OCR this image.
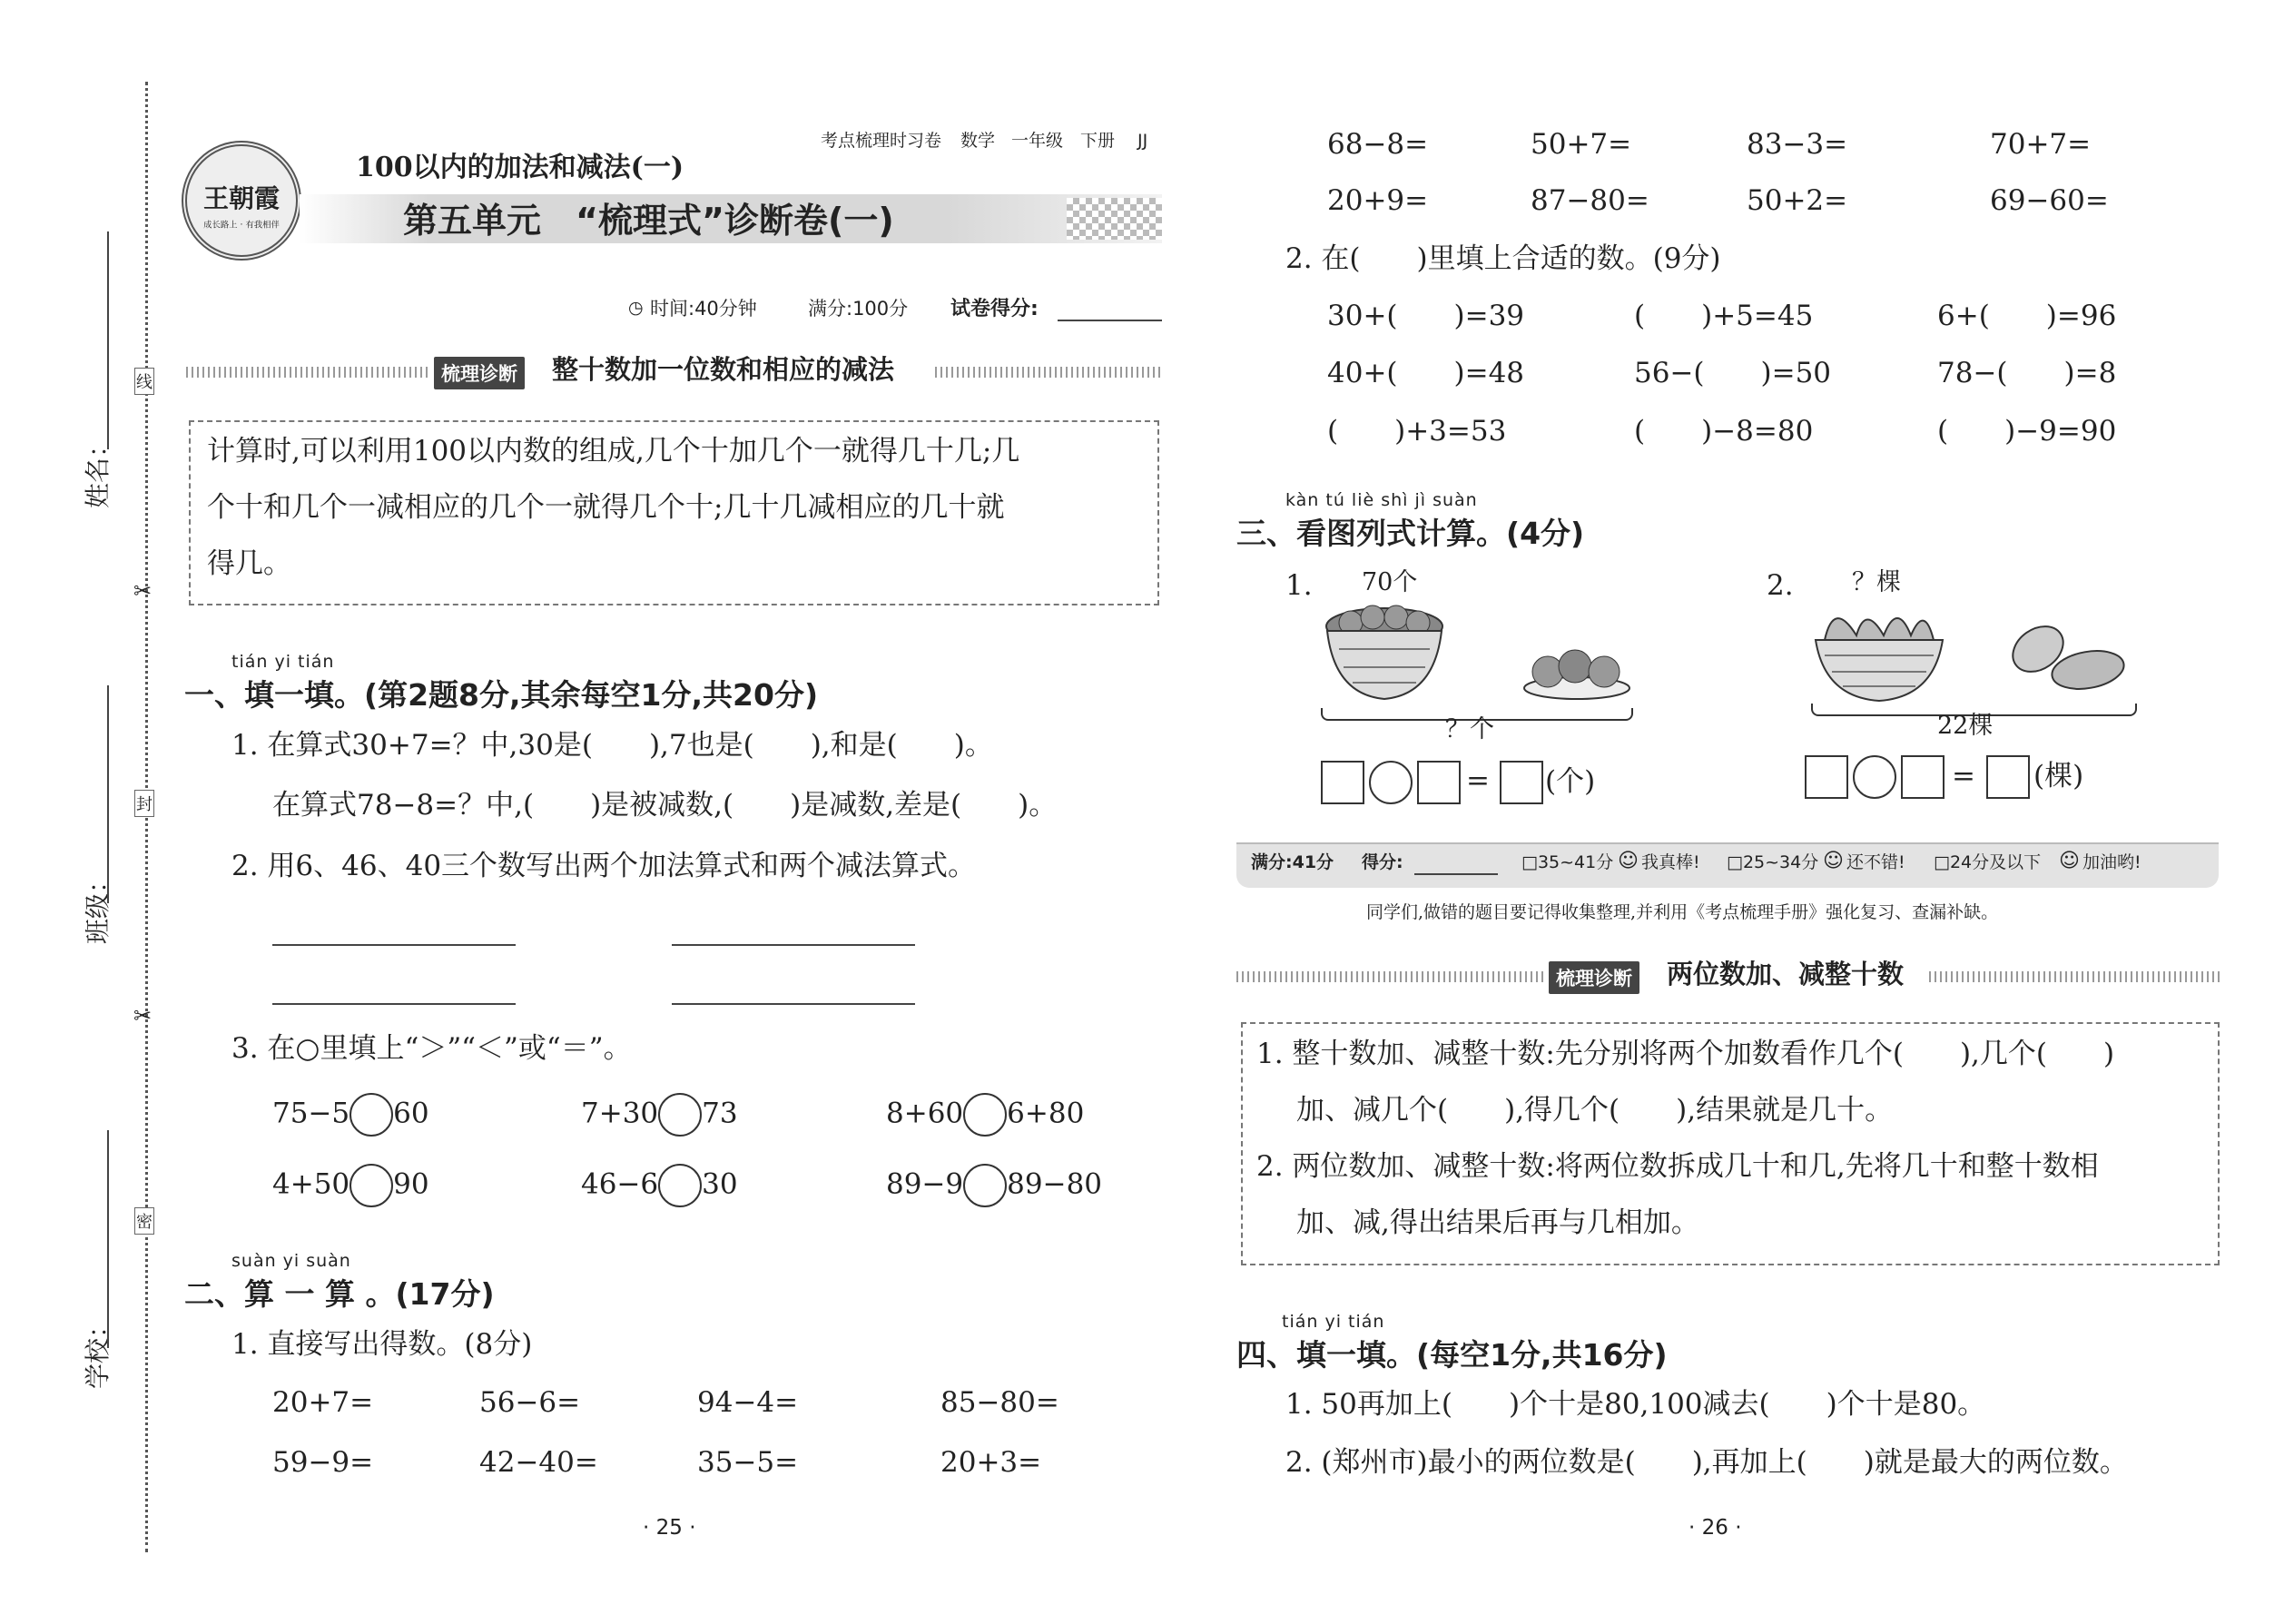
姓名：
班级：
学校：
线
封
密
✂
✂
王朝霞
成长路上 · 有我相伴
考点梳理时习卷 数学 一年级 下册 JJ
100以内的加法和减法(一)
第五单元　“梳理式”诊断卷(一)
◷ 时间:40分钟	满分:100分 试卷得分:
梳理诊断 整十数加一位数和相应的减法
计算时,可以利用100以内数的组成,几个十加几个一就得几十几;几
个十和几个一减相应的几个一就得几个十;几十几减相应的几十就
得几。
tián yi tián
一、填一填。(第2题8分,其余每空1分,共20分)
1. 在算式30+7=？中,30是(　　),7也是(　　),和是(　　)。
在算式78−8=？中,(　　)是被减数,(　　)是减数,差是(　　)。
2. 用6、46、40三个数写出两个加法算式和两个减法算式。
3. 在○里填上“＞”“＜”或“＝”。
75−5 60	7+30 73	8+60 6+80
4+50 90	46−6 30	89−9 89−80
suàn yi suàn
二、算 一 算 。(17分)
1. 直接写出得数。(8分)
20+7=	56−6=	94−4=	85−80=
59−9=	42−40=	35−5=	20+3=
· 25 ·
68−8=	50+7=	83−3=	70+7=
20+9=	87−80=	50+2=	69−60=
2. 在(　　)里填上合适的数。(9分)
30+(　　)=39	(　　)+5=45	6+(　　)=96
40+(　　)=48	56−(　　)=50	78−(　　)=8
(　　)+3=53	(　　)−8=80	(　　)−9=90
kàn tú liè shì jì suàn
三、看图列式计算。(4分)
1. 70个
？个
= (个)
2. ？棵
22棵
= (棵)
满分:41分 得分:	□35~41分 ☺ 我真棒! □25~34分 ☺ 还不错! □24分及以下 ☺ 加油哟!
同学们,做错的题目要记得收集整理,并利用《考点梳理手册》强化复习、查漏补缺。
梳理诊断 两位数加、减整十数
1. 整十数加、减整十数:先分别将两个加数看作几个(　　),几个(　　)
加、减几个(　　),得几个(　　),结果就是几十。
2. 两位数加、减整十数:将两位数拆成几十和几,先将几十和整十数相
加、减,得出结果后再与几相加。
tián yi tián
四、填一填。(每空1分,共16分)
1. 50再加上(　　)个十是80,100减去(　　)个十是80。
2. (郑州市)最小的两位数是(　　),再加上(　　)就是最大的两位数。
· 26 ·
